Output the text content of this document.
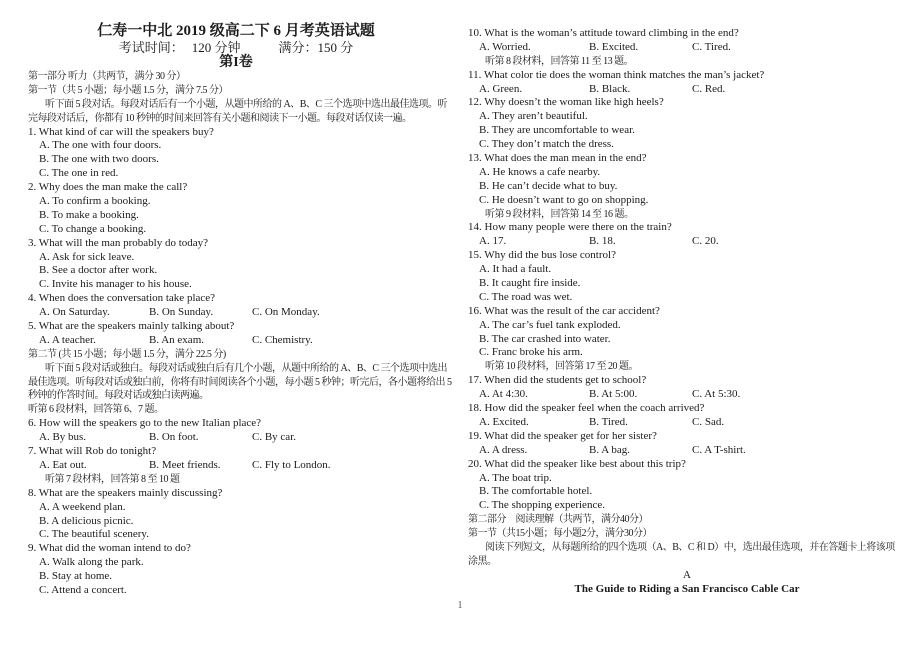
仁寿一中北 2019 级高二下 6 月考英语试题
考试时间： 120 分钟	满分：150 分
第I卷
第一部分 听力（共两节，满分 30 分）
第一节（共 5 小题；每小题 1.5 分，满分 7.5 分）
听下面 5 段对话。每段对话后有一个小题，从题中所给的 A、B、C 三个选项中选出最佳选项。听
完每段对话后，你都有 10 秒钟的时间来回答有关小题和阅读下一小题。每段对话仅读一遍。
1. What kind of car will the speakers buy?
A. The one with four doors.
B. The one with two doors.
C. The one in red.
2. Why does the man make the call?
A. To confirm a booking.
B. To make a booking.
C. To change a booking.
3. What will the man probably do today?
A. Ask for sick leave.
B. See a doctor after work.
C. Invite his manager to his house.
4. When does the conversation take place?
A. On Saturday.	B. On Sunday.	C. On Monday.
5. What are the speakers mainly talking about?
A. A teacher.	B. An exam.	C. Chemistry.
第二节 (共 15 小题；每小题 1.5 分，满分 22.5 分)
听下面 5 段对话或独白。每段对话或独白后有几个小题，从题中所给的 A、B、C 三个选项中选出
最佳选项。听每段对话或独白前，你将有时间阅读各个小题，每小题 5 秒钟；听完后，各小题将给出 5
秒钟的作答时间。每段对话或独白读两遍。
听第 6 段材料，回答第 6、7 题。
6. How will the speakers go to the new Italian place?
A. By bus.	B. On foot.	C. By car.
7. What will Rob do tonight?
A. Eat out.	B. Meet friends.	C. Fly to London.
听第 7 段材料，回答第 8 至 10 题
8. What are the speakers mainly discussing?
A. A weekend plan.
B. A delicious picnic.
C. The beautiful scenery.
9. What did the woman intend to do?
A. Walk along the park.
B. Stay at home.
C. Attend a concert.
10. What is the woman’s attitude toward climbing in the end?
A. Worried.	B. Excited.	C. Tired.
听第 8 段材料，回答第 11 至 13 题。
11. What color tie does the woman think matches the man’s jacket?
A. Green.	B. Black.	C. Red.
12. Why doesn’t the woman like high heels?
A. They aren’t beautiful.
B. They are uncomfortable to wear.
C. They don’t match the dress.
13. What does the man mean in the end?
A. He knows a cafe nearby.
B. He can’t decide what to buy.
C. He doesn’t want to go on shopping.
听第 9 段材料，回答第 14 至 16 题。
14. How many people were there on the train?
A. 17.	B. 18.	C. 20.
15. Why did the bus lose control?
A. It had a fault.
B. It caught fire inside.
C. The road was wet.
16. What was the result of the car accident?
A. The car’s fuel tank exploded.
B. The car crashed into water.
C. Franc broke his arm.
听第 10 段材料，回答第 17 至 20 题。
17. When did the students get to school?
A. At 4:30.	B. At 5:00.	C. At 5:30.
18. How did the speaker feel when the coach arrived?
A. Excited.	B. Tired.	C. Sad.
19. What did the speaker get for her sister?
A. A dress.	B. A bag.	C. A T-shirt.
20. What did the speaker like best about this trip?
A. The boat trip.
B. The comfortable hotel.
C. The shopping experience.
第二部分　阅读理解（共两节，满分40分）
第一节（共15小题；每小题2分，满分30分）
阅读下列短文，从每题所给的四个选项（A、B、C 和 D）中，选出最佳选项，并在答题卡上将该项
涂黑。
A
The Guide to Riding a San Francisco Cable Car
1
